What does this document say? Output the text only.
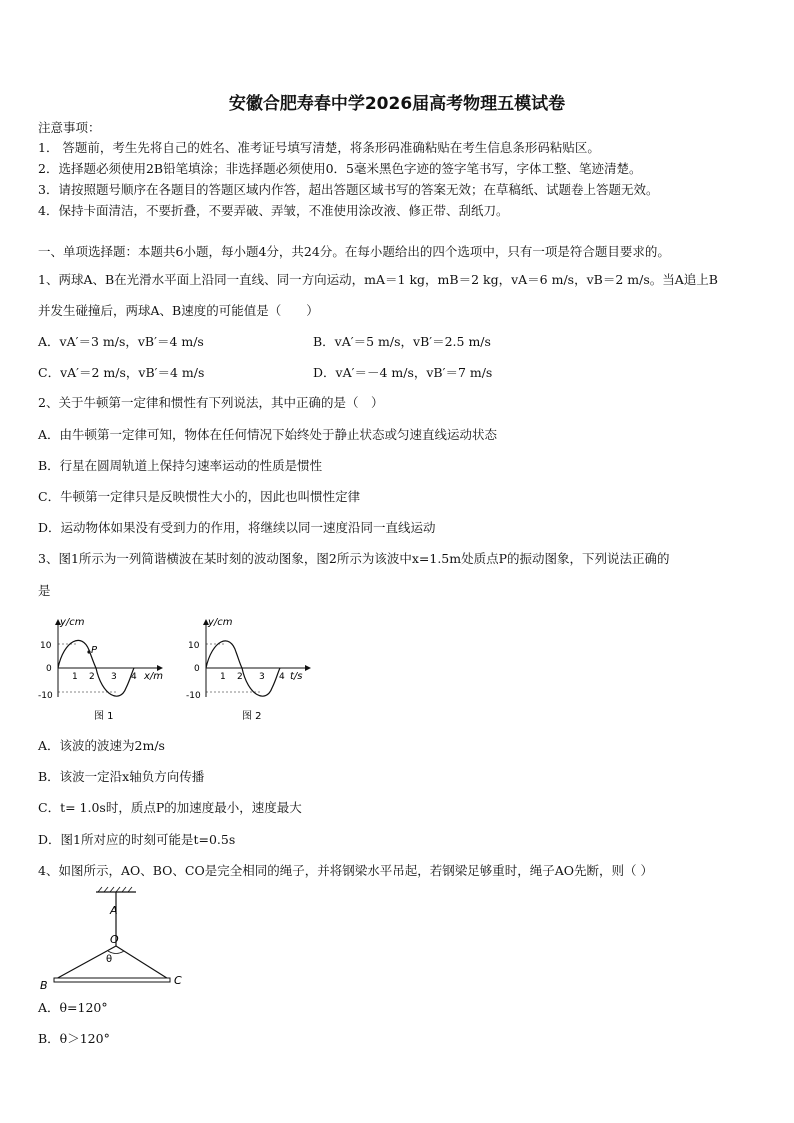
安徽合肥寿春中学2026届高考物理五模试卷
注意事项：
1． 答题前，考生先将自己的姓名、准考证号填写清楚，将条形码准确粘贴在考生信息条形码粘贴区。
2．选择题必须使用2B铅笔填涂；非选择题必须使用0．5毫米黑色字迹的签字笔书写，字体工整、笔迹清楚。
3．请按照题号顺序在各题目的答题区域内作答，超出答题区域书写的答案无效；在草稿纸、试题卷上答题无效。
4．保持卡面清洁，不要折叠，不要弄破、弄皱，不准使用涂改液、修正带、刮纸刀。
一、单项选择题：本题共6小题，每小题4分，共24分。在每小题给出的四个选项中，只有一项是符合题目要求的。
1、两球A、B在光滑水平面上沿同一直线、同一方向运动，mA＝1 kg，mB＝2 kg，vA＝6 m/s，vB＝2 m/s。当A追上B
并发生碰撞后，两球A、B速度的可能值是（　　）
A．vA′＝3 m/s，vB′＝4 m/s	B．vA′＝5 m/s，vB′＝2.5 m/s
C．vA′＝2 m/s，vB′＝4 m/s	D．vA′＝－4 m/s，vB′＝7 m/s
2、关于牛顿第一定律和惯性有下列说法，其中正确的是（　）
A．由牛顿第一定律可知，物体在任何情况下始终处于静止状态或匀速直线运动状态
B．行星在圆周轨道上保持匀速率运动的性质是惯性
C．牛顿第一定律只是反映惯性大小的，因此也叫惯性定律
D．运动物体如果没有受到力的作用，将继续以同一速度沿同一直线运动
3、图1所示为一列简谐横波在某时刻的波动图象，图2所示为该波中x=1.5m处质点P的振动图象，下列说法正确的
是
y/cm
x/m
10
0
-10
1 2 3 4
P
图 1
y/cm
t/s
10
0
-10
1 2 3 4
图 2
A．该波的波速为2m/s
B．该波一定沿x轴负方向传播
C．t= 1.0s时，质点P的加速度最小，速度最大
D．图1所对应的时刻可能是t=0.5s
4、如图所示，AO、BO、CO是完全相同的绳子，并将钢梁水平吊起，若钢梁足够重时，绳子AO先断，则（ ）
A
O
θ
B	C
A．θ=120°
B．θ＞120°
